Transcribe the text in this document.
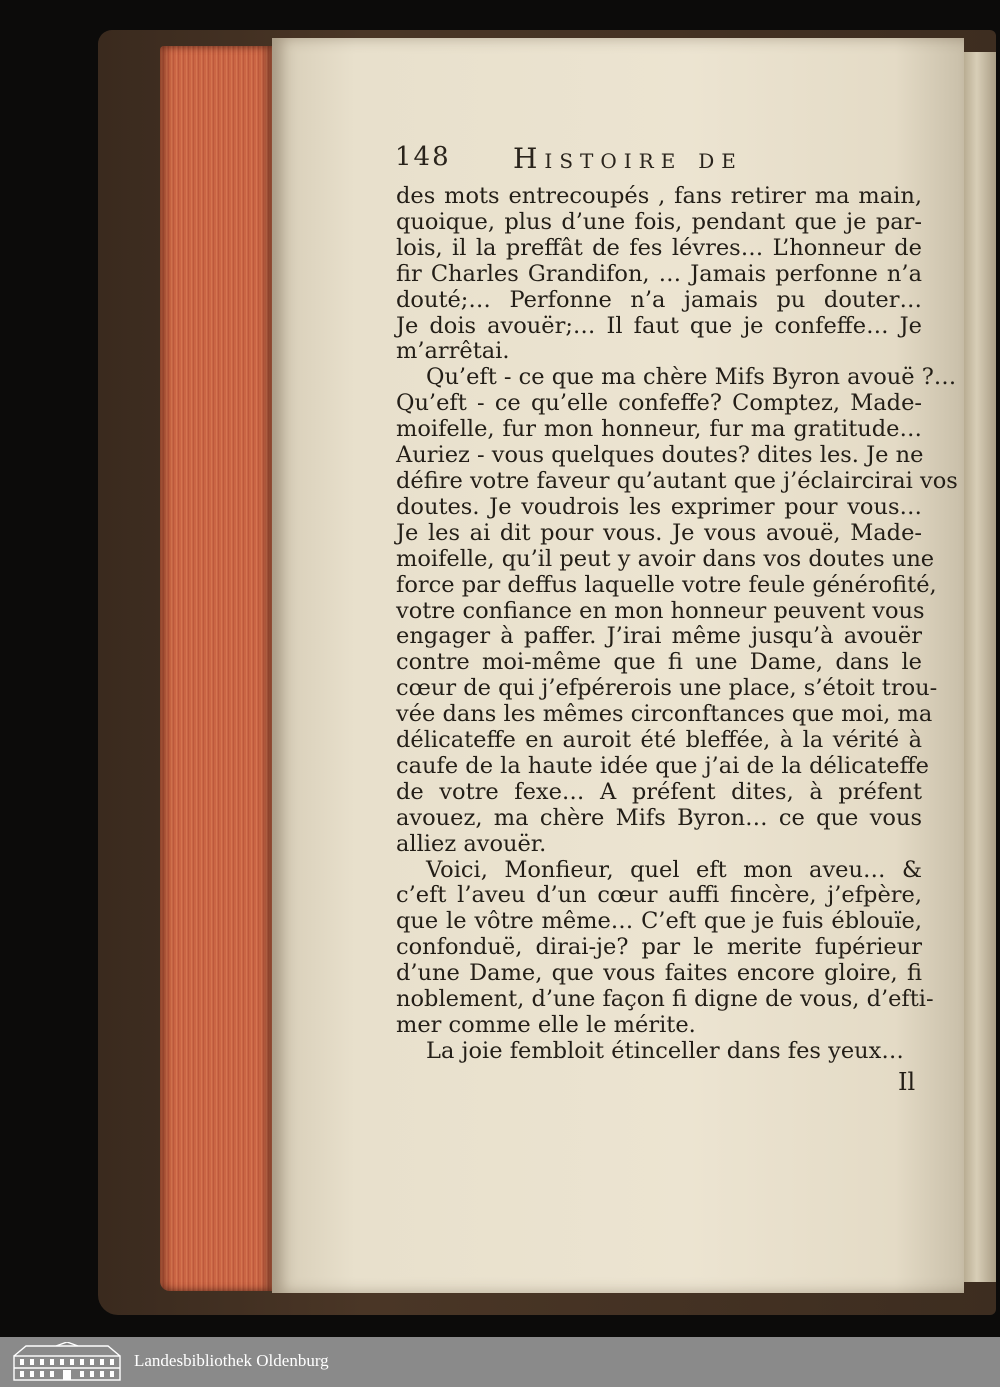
148 Histoire de
des mots entrecoupés , fans retirer ma main,
quoique, plus d’une fois, pendant que je par-
lois, il la preffât de fes lévres… L’honneur de
fir Charles Grandifon, … Jamais perfonne n’a
douté;… Perfonne n’a jamais pu douter…
Je dois avouër;… Il faut que je confeffe… Je
m’arrêtai.
Qu’eft - ce que ma chère Mifs Byron avouë ?…
Qu’eft - ce qu’elle confeffe? Comptez, Made-
moifelle, fur mon honneur, fur ma gratitude…
Auriez - vous quelques doutes? dites les. Je ne
défire votre faveur qu’autant que j’éclaircirai vos
doutes. Je voudrois les exprimer pour vous…
Je les ai dit pour vous. Je vous avouë, Made-
moifelle, qu’il peut y avoir dans vos doutes une
force par deffus laquelle votre feule générofité,
votre confiance en mon honneur peuvent vous
engager à paffer. J’irai même jusqu’à avouër
contre moi-même que fi une Dame, dans le
cœur de qui j’efpérerois une place, s’étoit trou-
vée dans les mêmes circonftances que moi, ma
délicateffe en auroit été bleffée, à la vérité à
caufe de la haute idée que j’ai de la délicateffe
de votre fexe… A préfent dites, à préfent
avouez, ma chère Mifs Byron… ce que vous
alliez avouër.
Voici, Monfieur, quel eft mon aveu… &
c’eft l’aveu d’un cœur auffi fincère, j’efpère,
que le vôtre même… C’eft que je fuis éblouïe,
confonduë, dirai-je? par le merite fupérieur
d’une Dame, que vous faites encore gloire, fi
noblement, d’une façon fi digne de vous, d’efti-
mer comme elle le mérite.
La joie fembloit étinceller dans fes yeux…
Il
Landesbibliothek Oldenburg
